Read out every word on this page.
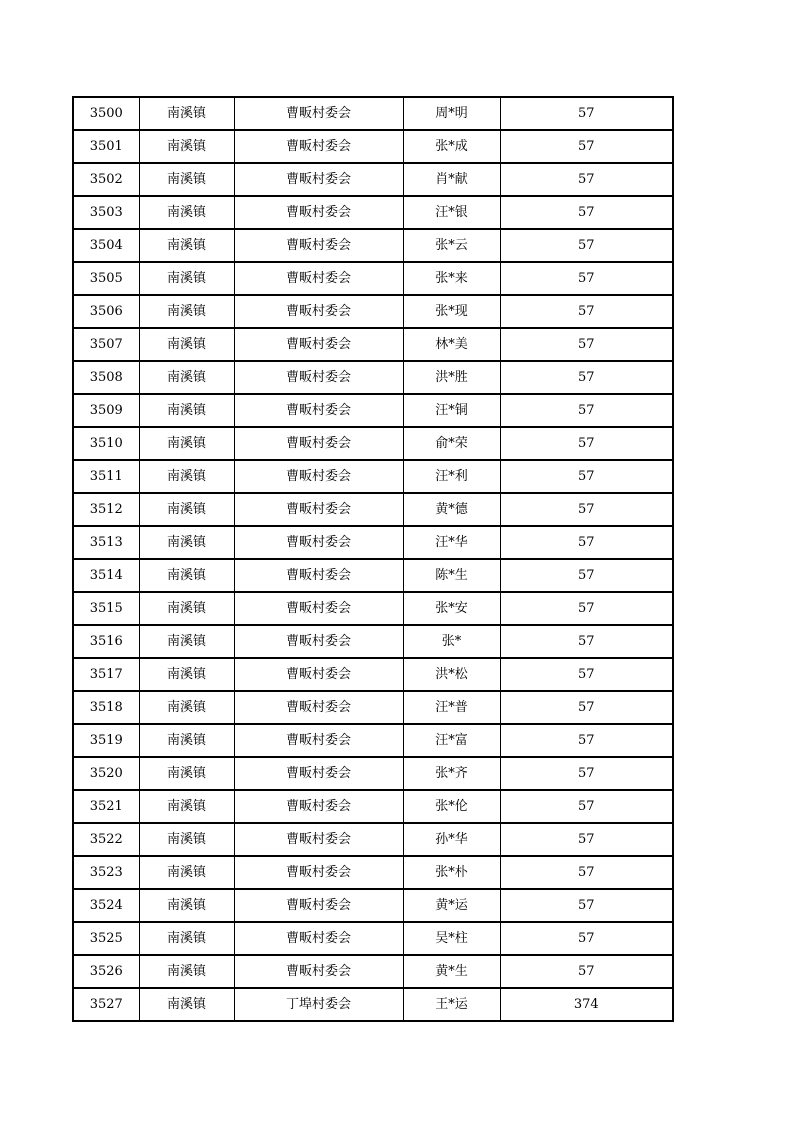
3500	南溪镇	曹畈村委会	周*明	57
3501	南溪镇	曹畈村委会	张*成	57
3502	南溪镇	曹畈村委会	肖*献	57
3503	南溪镇	曹畈村委会	汪*银	57
3504	南溪镇	曹畈村委会	张*云	57
3505	南溪镇	曹畈村委会	张*来	57
3506	南溪镇	曹畈村委会	张*现	57
3507	南溪镇	曹畈村委会	林*美	57
3508	南溪镇	曹畈村委会	洪*胜	57
3509	南溪镇	曹畈村委会	汪*铜	57
3510	南溪镇	曹畈村委会	俞*荣	57
3511	南溪镇	曹畈村委会	汪*利	57
3512	南溪镇	曹畈村委会	黄*德	57
3513	南溪镇	曹畈村委会	汪*华	57
3514	南溪镇	曹畈村委会	陈*生	57
3515	南溪镇	曹畈村委会	张*安	57
3516	南溪镇	曹畈村委会	张*	57
3517	南溪镇	曹畈村委会	洪*松	57
3518	南溪镇	曹畈村委会	汪*普	57
3519	南溪镇	曹畈村委会	汪*富	57
3520	南溪镇	曹畈村委会	张*齐	57
3521	南溪镇	曹畈村委会	张*伦	57
3522	南溪镇	曹畈村委会	孙*华	57
3523	南溪镇	曹畈村委会	张*朴	57
3524	南溪镇	曹畈村委会	黄*运	57
3525	南溪镇	曹畈村委会	吴*柱	57
3526	南溪镇	曹畈村委会	黄*生	57
3527	南溪镇	丁埠村委会	王*运	374
